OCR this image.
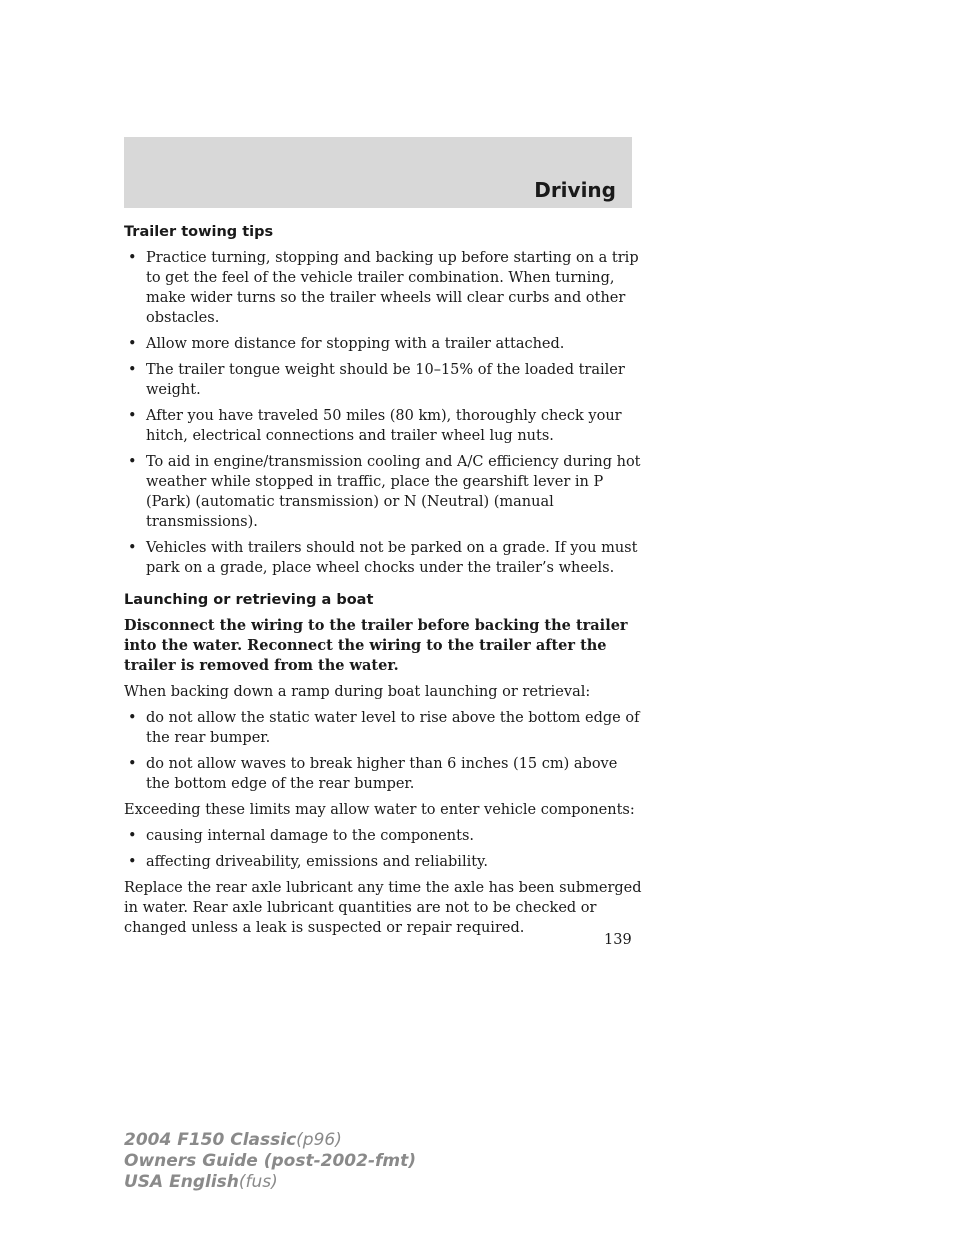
Driving
Trailer towing tips
• Practice turning, stopping and backing up before starting on a trip to get the feel of the vehicle trailer combination. When turning, make wider turns so the trailer wheels will clear curbs and other obstacles.
• Allow more distance for stopping with a trailer attached.
• The trailer tongue weight should be 10–15% of the loaded trailer weight.
• After you have traveled 50 miles (80 km), thoroughly check your hitch, electrical connections and trailer wheel lug nuts.
• To aid in engine/transmission cooling and A/C efficiency during hot weather while stopped in traffic, place the gearshift lever in P (Park) (automatic transmission) or N (Neutral) (manual transmissions).
• Vehicles with trailers should not be parked on a grade. If you must park on a grade, place wheel chocks under the trailer’s wheels.
Launching or retrieving a boat

Disconnect the wiring to the trailer before backing the trailer into the water. Reconnect the wiring to the trailer after the trailer is removed from the water.

When backing down a ramp during boat launching or retrieval:

• do not allow the static water level to rise above the bottom edge of the rear bumper.
• do not allow waves to break higher than 6 inches (15 cm) above the bottom edge of the rear bumper.

Exceeding these limits may allow water to enter vehicle components:

• causing internal damage to the components.
• affecting driveability, emissions and reliability.

Replace the rear axle lubricant any time the axle has been submerged in water. Rear axle lubricant quantities are not to be checked or changed unless a leak is suspected or repair required.

139
2004 F150 Classic(p96)
Owners Guide (post-2002-fmt)
USA English(fus)
